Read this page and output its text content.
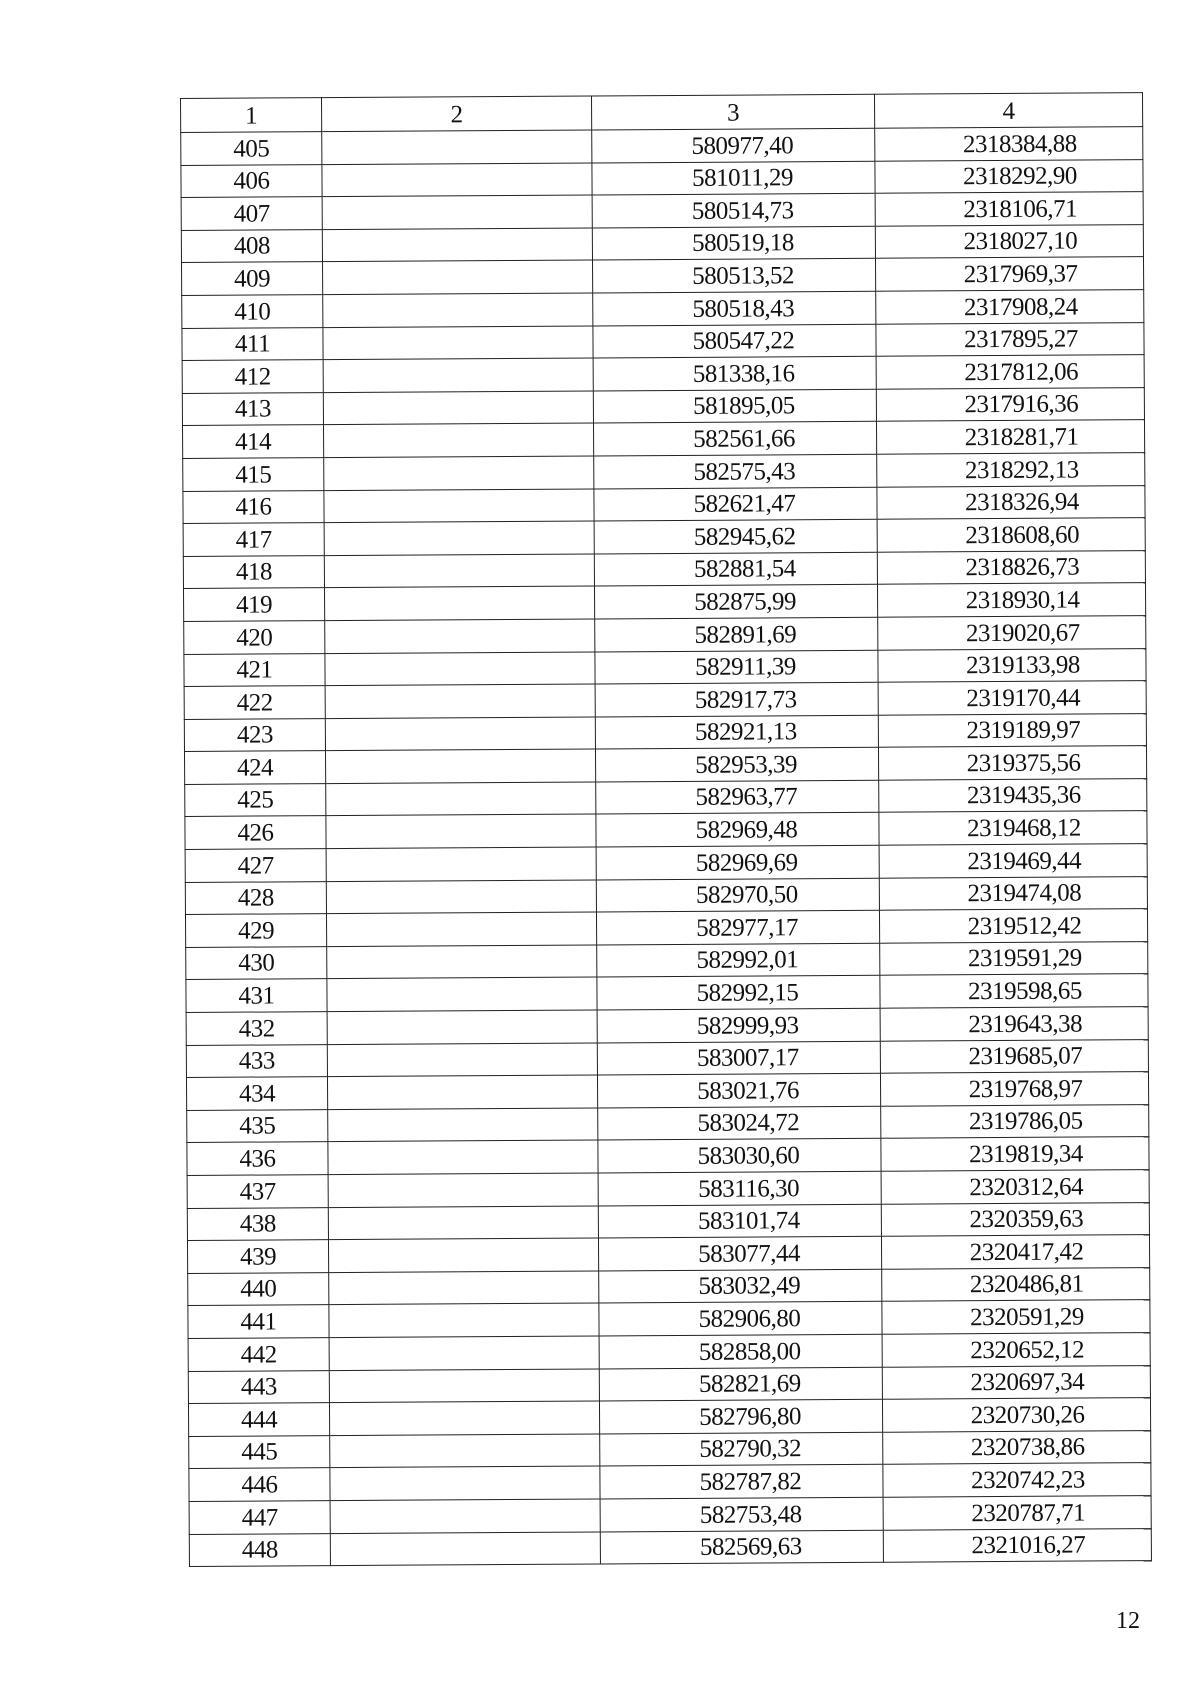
1	2	3	4
405		580977,40	2318384,88
406		581011,29	2318292,90
407		580514,73	2318106,71
408		580519,18	2318027,10
409		580513,52	2317969,37
410		580518,43	2317908,24
411		580547,22	2317895,27
412		581338,16	2317812,06
413		581895,05	2317916,36
414		582561,66	2318281,71
415		582575,43	2318292,13
416		582621,47	2318326,94
417		582945,62	2318608,60
418		582881,54	2318826,73
419		582875,99	2318930,14
420		582891,69	2319020,67
421		582911,39	2319133,98
422		582917,73	2319170,44
423		582921,13	2319189,97
424		582953,39	2319375,56
425		582963,77	2319435,36
426		582969,48	2319468,12
427		582969,69	2319469,44
428		582970,50	2319474,08
429		582977,17	2319512,42
430		582992,01	2319591,29
431		582992,15	2319598,65
432		582999,93	2319643,38
433		583007,17	2319685,07
434		583021,76	2319768,97
435		583024,72	2319786,05
436		583030,60	2319819,34
437		583116,30	2320312,64
438		583101,74	2320359,63
439		583077,44	2320417,42
440		583032,49	2320486,81
441		582906,80	2320591,29
442		582858,00	2320652,12
443		582821,69	2320697,34
444		582796,80	2320730,26
445		582790,32	2320738,86
446		582787,82	2320742,23
447		582753,48	2320787,71
448		582569,63	2321016,27
12
